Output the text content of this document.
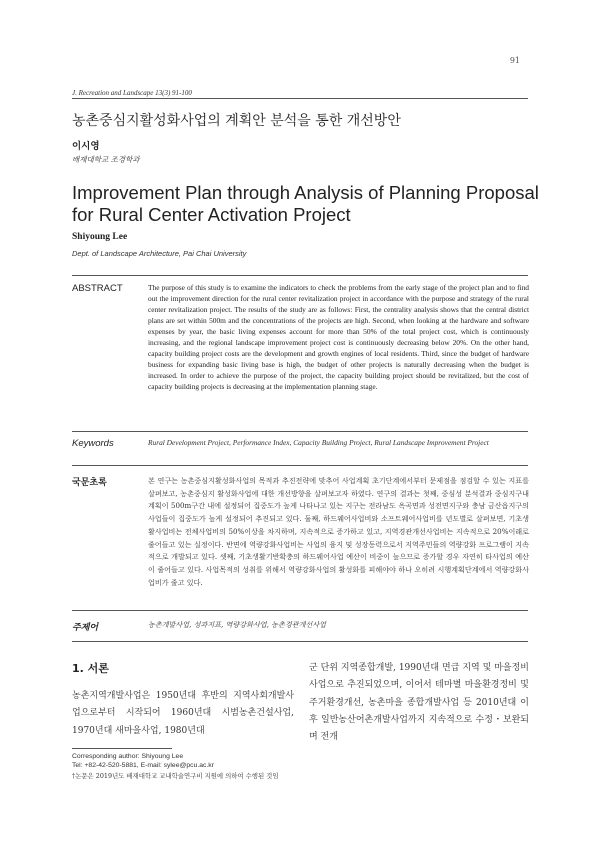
91
J. Recreation and Landscape 13(3) 91-100
농촌중심지활성화사업의 계획안 분석을 통한 개선방안
이시영
배재대학교 조경학과
Improvement Plan through Analysis of Planning Proposal for Rural Center Activation Project
Shiyoung Lee
Dept. of Landscape Architecture, Pai Chai University
ABSTRACT	The purpose of this study is to examine the indicators to check the problems from the early stage of the project plan and to find out the improvement direction for the rural center revitalization project in accordance with the purpose and strategy of the rural center revitalization project. The results of the study are as follows: First, the centrality analysis shows that the central district plans are set within 500m and the concentrations of the projects are high. Second, when looking at the hardware and software expenses by year, the basic living expenses account for more than 50% of the total project cost, which is continuously increasing, and the regional landscape improvement project cost is continuously decreasing below 20%. On the other hand, capacity building project costs are the development and growth engines of local residents. Third, since the budget of hardware business for expanding basic living base is high, the budget of other projects is naturally decreasing when the budget is increased. In order to achieve the purpose of the project, the capacity building project should be revitalized, but the cost of capacity building projects is decreasing at the implementation planning stage.
Keywords	Rural Development Project, Performance Index, Capacity Building Project, Rural Landscape Improvement Project
국문초록	본 연구는 농촌중심지활성화사업의 목적과 추진전략에 맞추어 사업계획 초기단계에서부터 문제점을 점검할 수 있는 지표를 살펴보고, 농촌중심지 활성화사업에 대한 개선방향을 살펴보고자 하였다. 연구의 결과는 첫째, 중심성 분석결과 중심지구내 계획이 500m구간 내에 설정되어 집중도가 높게 나타나고 있는 지구는 전라남도 옥곡면과 성전면지구와 충남 금산읍지구의 사업들이 집중도가 높게 설정되어 추진되고 있다. 둘째, 하드웨어사업비와 소프트웨어사업비를 년도별로 살펴보면, 기초생활사업비는 전체사업비의 50%이상을 차지하며, 지속적으로 증가하고 있고, 지역경관개선사업비는 지속적으로 20%이래로 줄어들고 있는 실정이다. 반면에 역량강화사업비는 사업의 융지 및 성장동력으로서 지역주민들의 역량강화 프로그램이 지속적으로 개발되고 있다. 셋째, 기초생활기반확충의 하드웨어사업 예산이 비중이 높으므로 증가할 경우 자연히 타사업의 예산이 줄어들고 있다. 사업목적의 성취를 위해서 역량강화사업의 활성화를 피해야야 하나 오히려 시행계획단계에서 역량강화사업비가 줄고 있다.
주제어	농촌개발사업, 성과지표, 역량강화사업, 농촌경관개선사업
1. 서론
농촌지역개발사업은 1950년대 후반의 지역사회개발사업으로부터 시작되어 1960년대 시범농촌건설사업, 1970년대 새마을사업, 1980년대
군 단위 지역종합개발, 1990년대 면급 지역 및 마을정비사업으로 추진되었으며, 이어서 테마별 마을환경정비 및 주거환경개선, 농촌마을 종합개발사업 등 2010년대 이후 일반농산어촌개발사업까지 지속적으로 수정・보완되며 전개
Corresponding author: Shiyoung Lee
Tel: +82-42-520-5881, E-mail: sylee@pcu.ac.kr
†논문은 2019년도 배재대학교 교내학술연구비 지원에 의하여 수행된 것임
